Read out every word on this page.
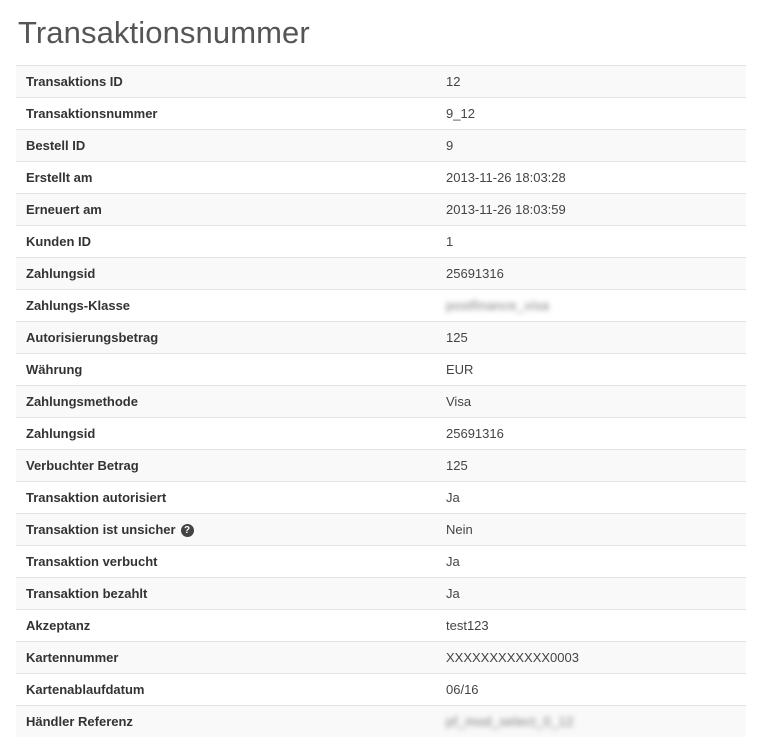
Transaktionsnummer
Transaktions ID	12
Transaktionsnummer	9_12
Bestell ID	9
Erstellt am	2013-11-26 18:03:28
Erneuert am	2013-11-26 18:03:59
Kunden ID	1
Zahlungsid	25691316
Zahlungs-Klasse	postfinance_visa
Autorisierungsbetrag	125
Währung	EUR
Zahlungsmethode	Visa
Zahlungsid	25691316
Verbuchter Betrag	125
Transaktion autorisiert	Ja
Transaktion ist unsicher ?	Nein
Transaktion verbucht	Ja
Transaktion bezahlt	Ja
Akzeptanz	test123
Kartennummer	XXXXXXXXXXXX0003
Kartenablaufdatum	06/16
Händler Referenz	pf_mod_select_0_12
